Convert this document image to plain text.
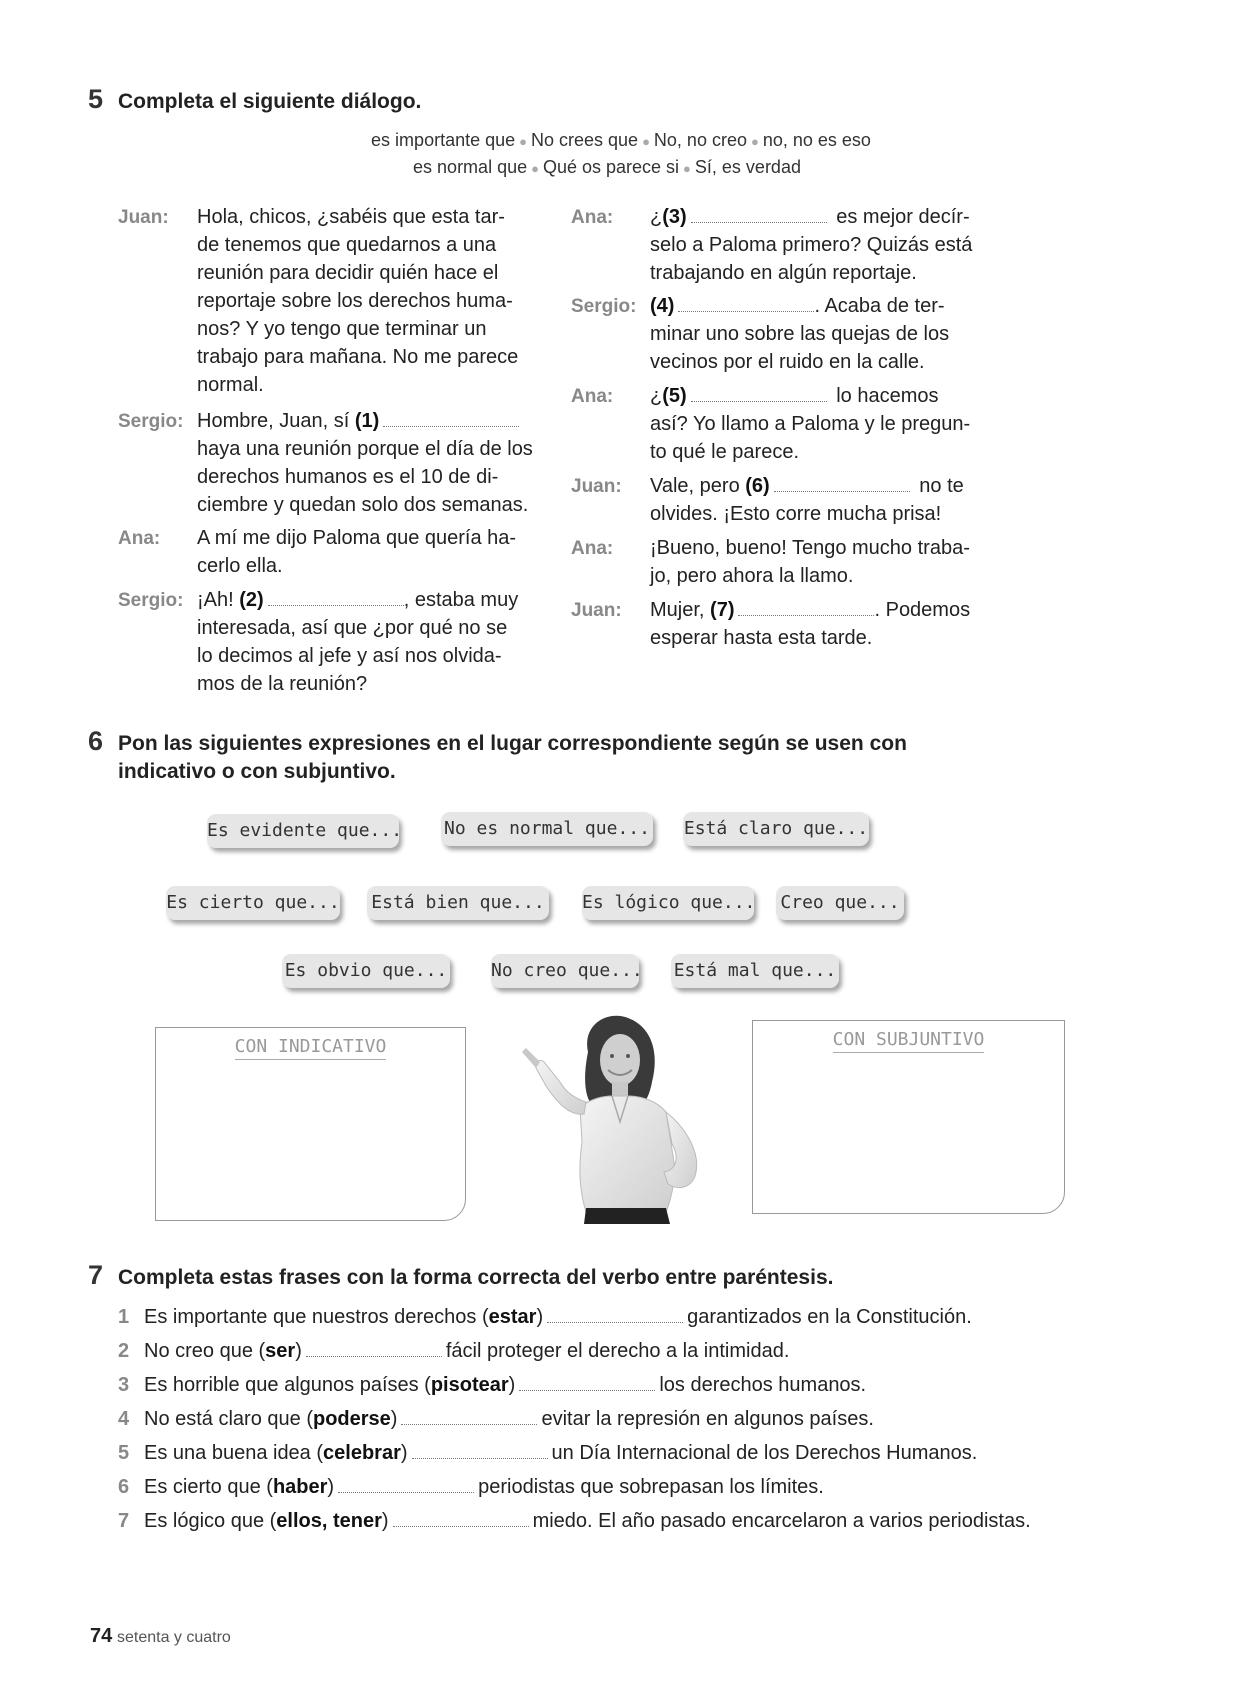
5 Completa el siguiente diálogo.
es importante que ● No crees que ● No, no creo ● no, no es eso
es normal que ● Qué os parece si ● Sí, es verdad
Juan: Hola, chicos, ¿sabéis que esta tar-
de tenemos que quedarnos a una
reunión para decidir quién hace el
reportaje sobre los derechos huma-
nos? Y yo tengo que terminar un
trabajo para mañana. No me parece
normal.
Sergio: Hombre, Juan, sí (1)
haya una reunión porque el día de los
derechos humanos es el 10 de di-
ciembre y quedan solo dos semanas.
Ana: A mí me dijo Paloma que quería ha-
cerlo ella.
Sergio: ¡Ah! (2)	, estaba muy
interesada, así que ¿por qué no se
lo decimos al jefe y así nos olvida-
mos de la reunión?
Ana: ¿(3)	es mejor decír-
selo a Paloma primero? Quizás está
trabajando en algún reportaje.
Sergio: (4)	. Acaba de ter-
minar uno sobre las quejas de los
vecinos por el ruido en la calle.
Ana: ¿(5)	lo hacemos
así? Yo llamo a Paloma y le pregun-
to qué le parece.
Juan: Vale, pero (6)	no te
olvides. ¡Esto corre mucha prisa!
Ana: ¡Bueno, bueno! Tengo mucho traba-
jo, pero ahora la llamo.
Juan: Mujer, (7)	. Podemos
esperar hasta esta tarde.
6 Pon las siguientes expresiones en el lugar correspondiente según se usen con
indicativo o con subjuntivo.
Es evidente que... No es normal que... Está claro que...
Es cierto que... Está bien que... Es lógico que... Creo que...
Es obvio que... No creo que... Está mal que...
CON INDICATIVO	CON SUBJUNTIVO
7 Completa estas frases con la forma correcta del verbo entre paréntesis.
1 Es importante que nuestros derechos (estar)	garantizados en la Constitución.
2 No creo que (ser)	fácil proteger el derecho a la intimidad.
3 Es horrible que algunos países (pisotear)	los derechos humanos.
4 No está claro que (poderse)	evitar la represión en algunos países.
5 Es una buena idea (celebrar)	un Día Internacional de los Derechos Humanos.
6 Es cierto que (haber)	periodistas que sobrepasan los límites.
7 Es lógico que (ellos, tener)	miedo. El año pasado encarcelaron a varios periodistas.
74 setenta y cuatro
